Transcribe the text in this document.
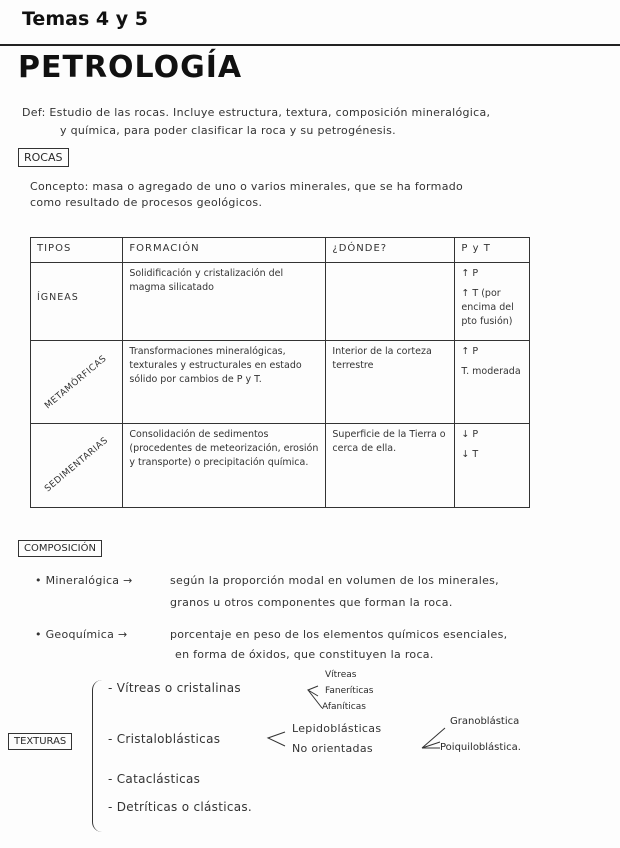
Temas 4 y 5
PETROLOGÍA
Def: Estudio de las rocas. Incluye estructura, textura, composición mineralógica,
y química, para poder clasificar la roca y su petrogénesis.
ROCAS
Concepto: masa o agregado de uno o varios minerales, que se ha formado
como resultado de procesos geológicos.
TIPOS	FORMACIÓN	¿DÓNDE?	P y T

ÍGNEAS	Solidificación y cristalización del magma silicatado		↑ P
↑ T (por encima del pto fusión)

METAMÓRFICAS	Transformaciones mineralógicas, texturales y estructurales en estado sólido por cambios de P y T.	Interior de la corteza terrestre	↑ P
T. moderada

SEDIMENTARIAS	Consolidación de sedimentos (procedentes de meteorización, erosión y transporte) o precipitación química.	Superficie de la Tierra o cerca de ella.	↓ P
↓ T
COMPOSICIÓN
• Mineralógica →	según la proporción modal en volumen de los minerales,
granos u otros componentes que forman la roca.
• Geoquímica →	porcentaje en peso de los elementos químicos esenciales,
en forma de óxidos, que constituyen la roca.
TEXTURAS
- Vítreas o cristalinas
- Cristaloblásticas
- Cataclásticas
- Detríticas o clásticas.
Vítreas
Faneríticas
Afaníticas
Lepidoblásticas
No orientadas
Granoblástica
Poiquiloblástica.
